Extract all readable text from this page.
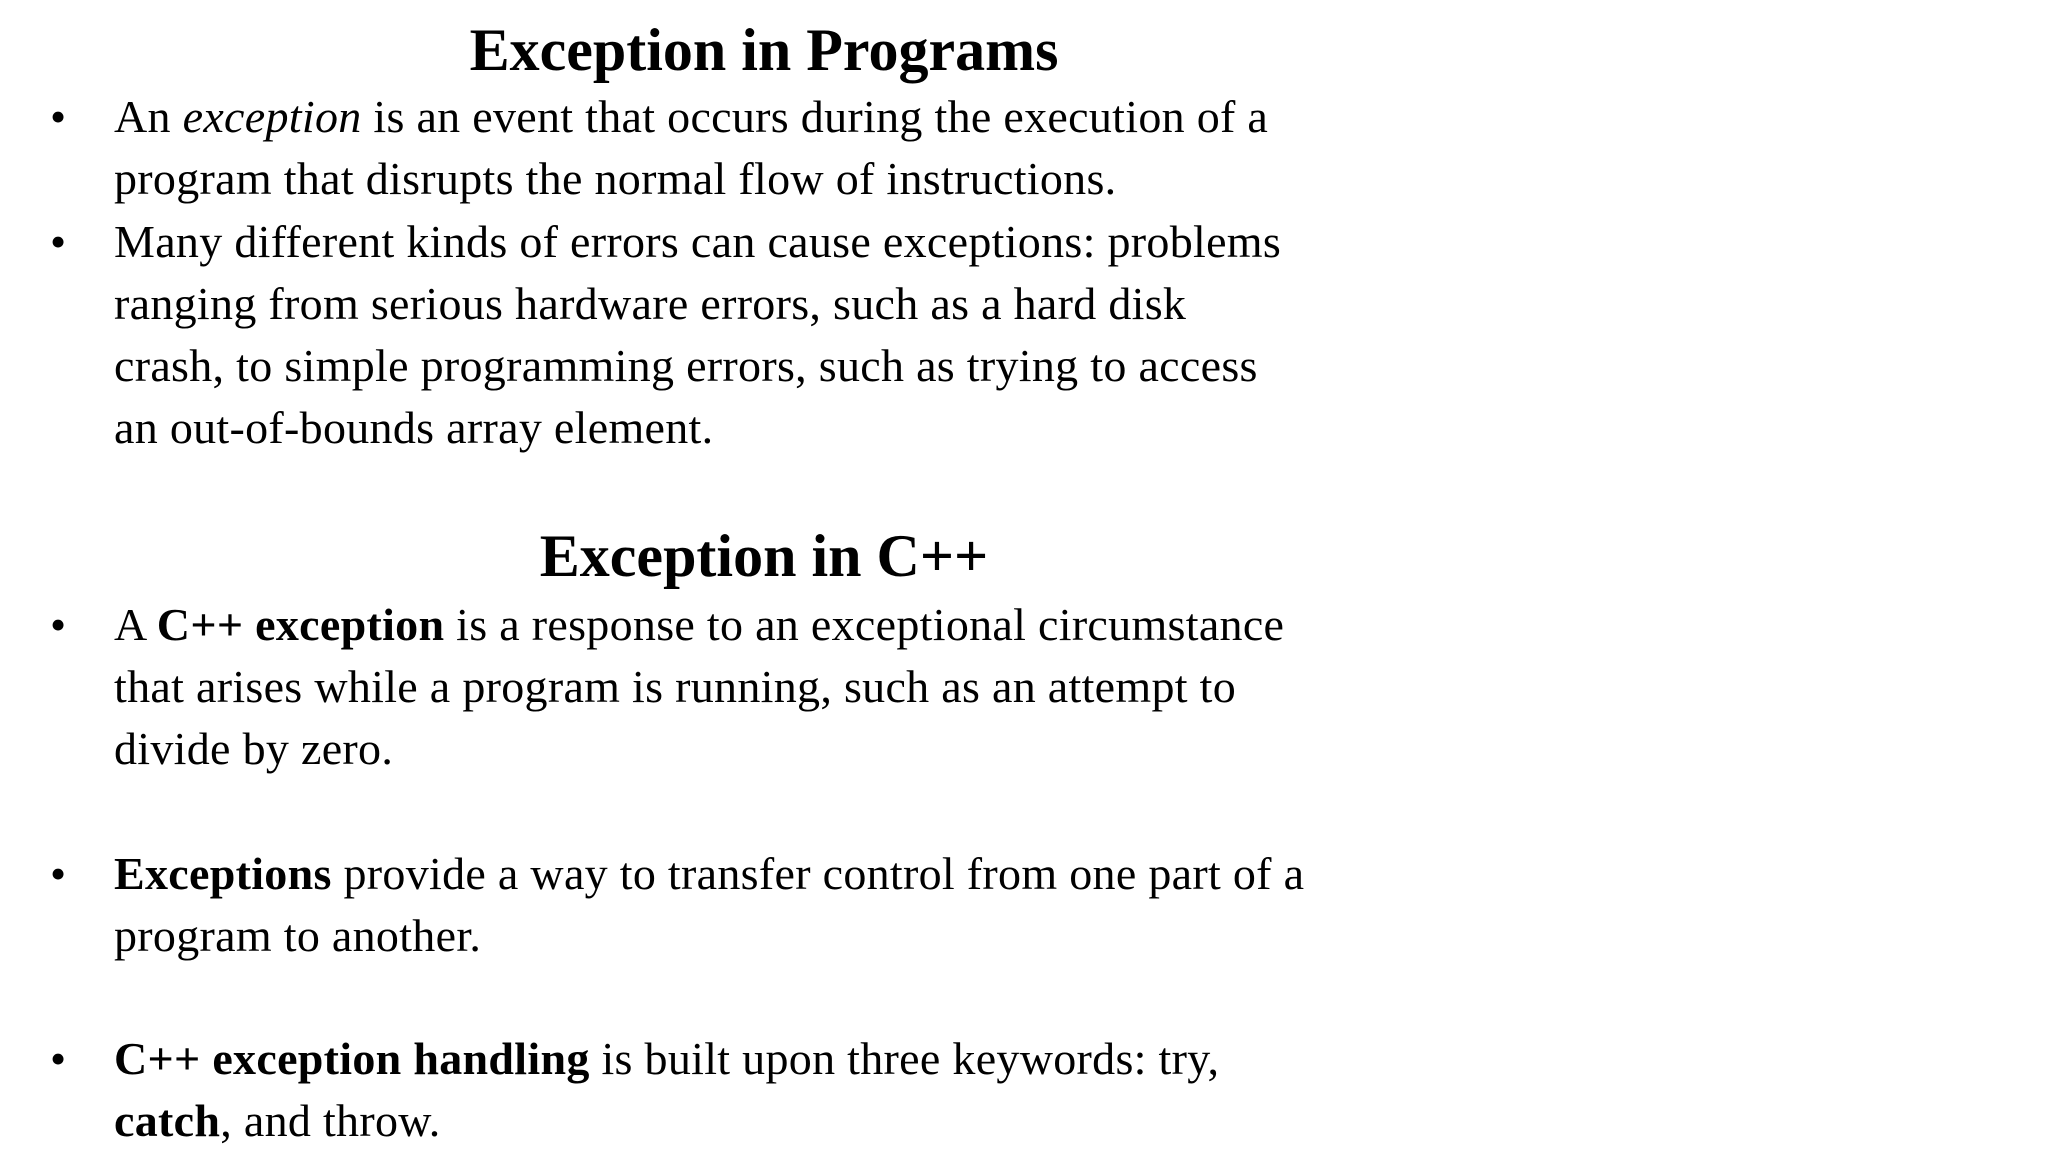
Exception in Programs
• An exception is an event that occurs during the execution of a
program that disrupts the normal flow of instructions.
• Many different kinds of errors can cause exceptions: problems
ranging from serious hardware errors, such as a hard disk
crash, to simple programming errors, such as trying to access
an out-of-bounds array element.
Exception in C++
• A C++ exception is a response to an exceptional circumstance
that arises while a program is running, such as an attempt to
divide by zero.
• Exceptions provide a way to transfer control from one part of a
program to another.
• C++ exception handling is built upon three keywords: try,
catch, and throw.
